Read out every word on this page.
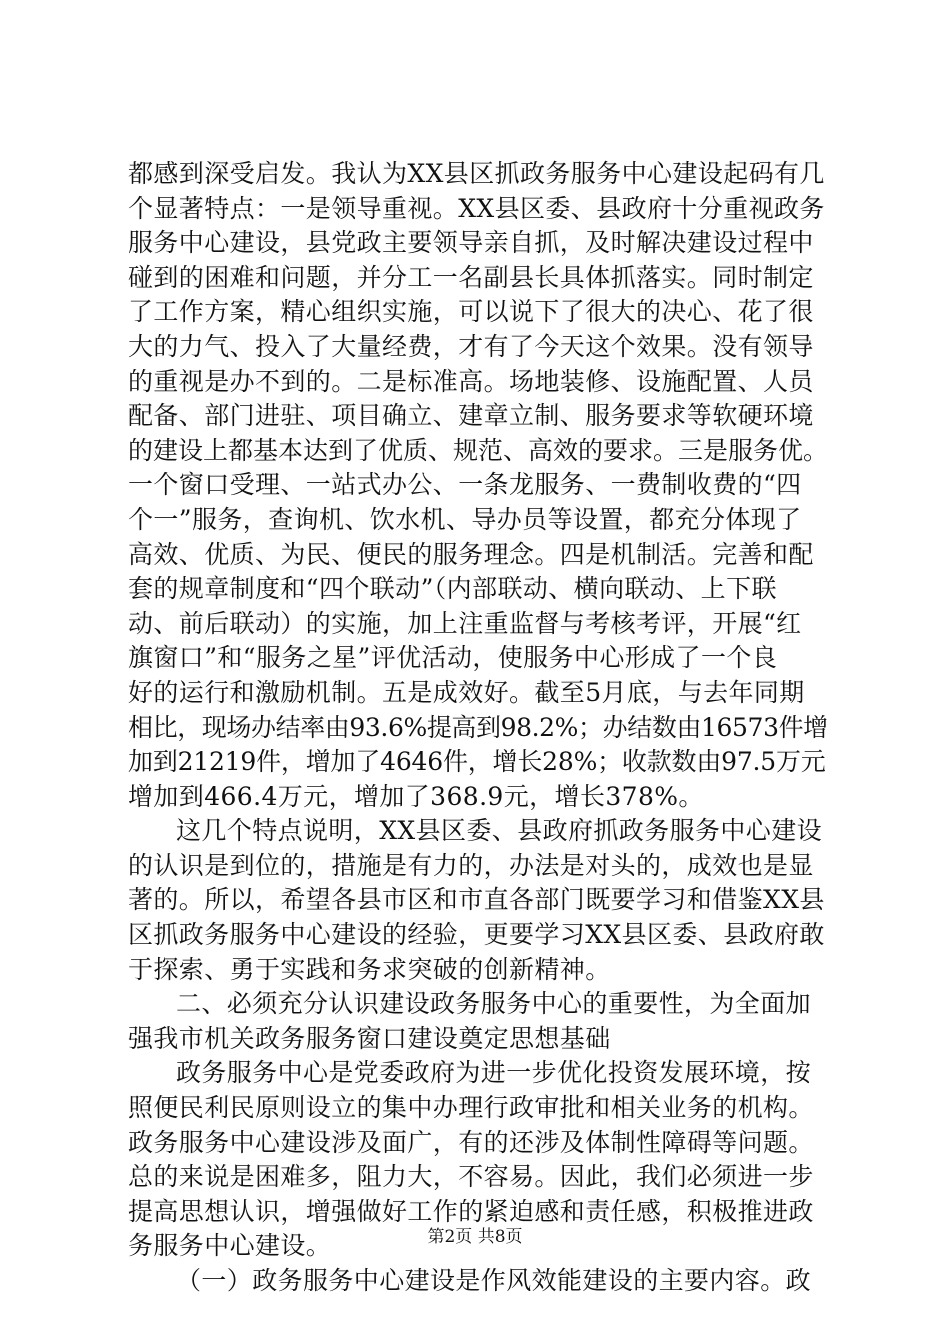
都感到深受启发。我认为XX县区抓政务服务中心建设起码有几
个显著特点：一是领导重视。XX县区委、县政府十分重视政务
服务中心建设，县党政主要领导亲自抓，及时解决建设过程中
碰到的困难和问题，并分工一名副县长具体抓落实。同时制定
了工作方案，精心组织实施，可以说下了很大的决心、花了很
大的力气、投入了大量经费，才有了今天这个效果。没有领导
的重视是办不到的。二是标准高。场地装修、设施配置、人员
配备、部门进驻、项目确立、建章立制、服务要求等软硬环境
的建设上都基本达到了优质、规范、高效的要求。三是服务优。
一个窗口受理、一站式办公、一条龙服务、一费制收费的“四
个一”服务，查询机、饮水机、导办员等设置，都充分体现了
高效、优质、为民、便民的服务理念。四是机制活。完善和配
套的规章制度和“四个联动”（内部联动、横向联动、上下联
动、前后联动）的实施，加上注重监督与考核考评，开展“红
旗窗口”和“服务之星”评优活动，使服务中心形成了一个良
好的运行和激励机制。五是成效好。截至5月底，与去年同期
相比，现场办结率由93.6%提高到98.2%；办结数由16573件增
加到21219件，增加了4646件，增长28%；收款数由97.5万元
增加到466.4万元，增加了368.9元，增长378%。
这几个特点说明，XX县区委、县政府抓政务服务中心建设
的认识是到位的，措施是有力的，办法是对头的，成效也是显
著的。所以，希望各县市区和市直各部门既要学习和借鉴XX县
区抓政务服务中心建设的经验，更要学习XX县区委、县政府敢
于探索、勇于实践和务求突破的创新精神。
二、必须充分认识建设政务服务中心的重要性，为全面加
强我市机关政务服务窗口建设奠定思想基础
政务服务中心是党委政府为进一步优化投资发展环境，按
照便民利民原则设立的集中办理行政审批和相关业务的机构。
政务服务中心建设涉及面广，有的还涉及体制性障碍等问题。
总的来说是困难多，阻力大，不容易。因此，我们必须进一步
提高思想认识，增强做好工作的紧迫感和责任感，积极推进政
务服务中心建设。
（一）政务服务中心建设是作风效能建设的主要内容。政
第2页 共8页
